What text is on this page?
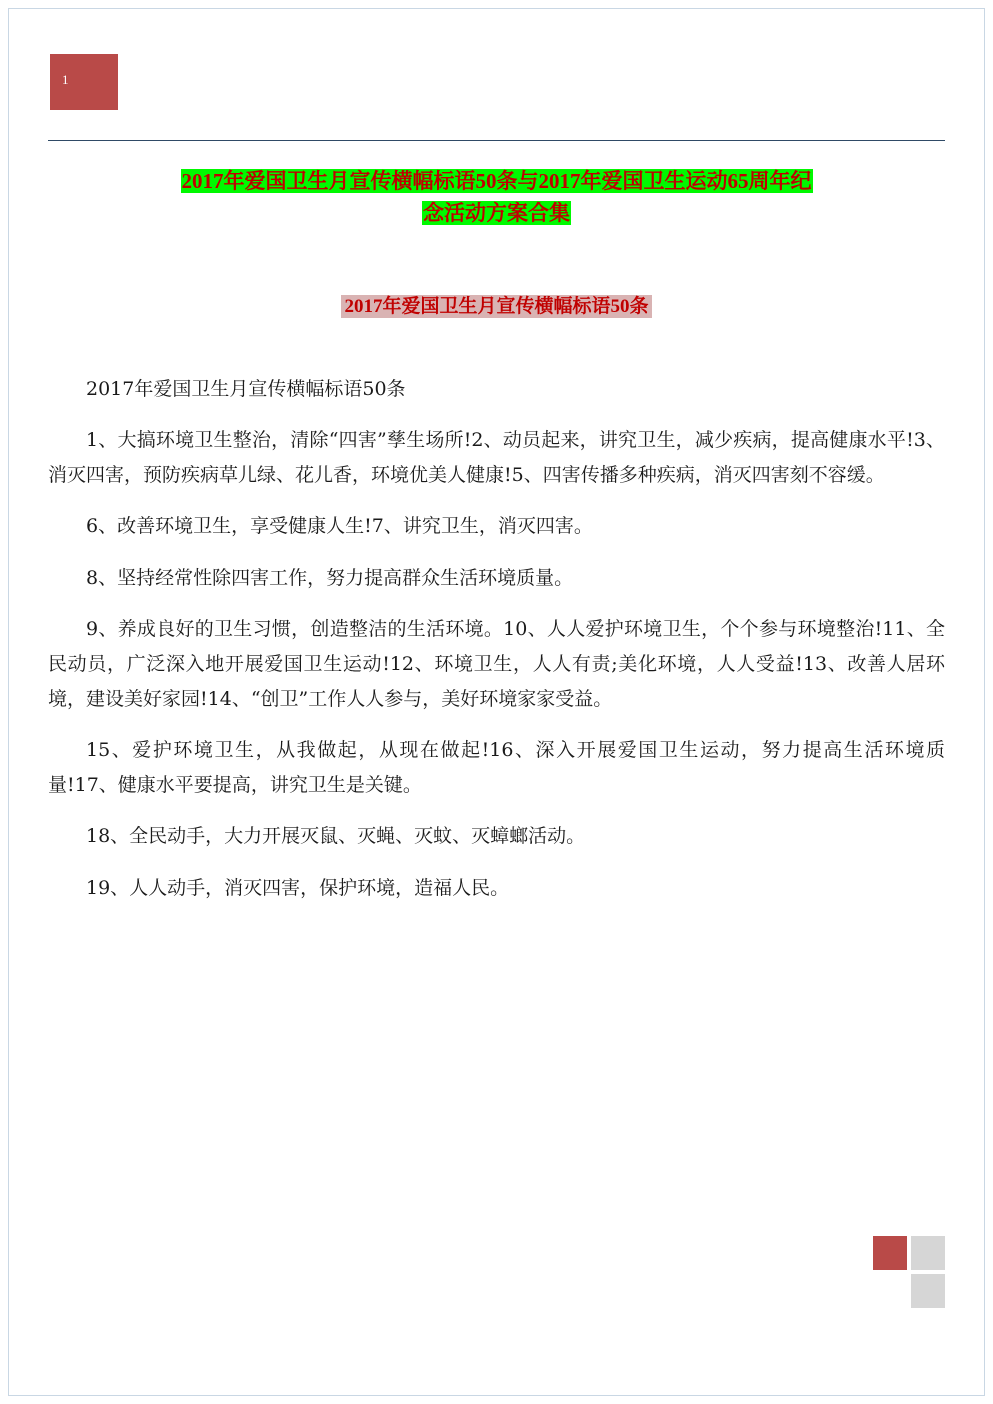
1
2017年爱国卫生月宣传横幅标语50条与2017年爱国卫生运动65周年纪
念活动方案合集
2017年爱国卫生月宣传横幅标语50条

2017年爱国卫生月宣传横幅标语50条

1、大搞环境卫生整治，清除“四害”孳生场所!2、动员起来，讲究卫生，减少疾病，提高健康水平!3、消灭四害，预防疾病草儿绿、花儿香，环境优美人健康!5、四害传播多种疾病，消灭四害刻不容缓。

6、改善环境卫生，享受健康人生!7、讲究卫生，消灭四害。

8、坚持经常性除四害工作，努力提高群众生活环境质量。

9、养成良好的卫生习惯，创造整洁的生活环境。10、人人爱护环境卫生，个个参与环境整治!11、全民动员，广泛深入地开展爱国卫生运动!12、环境卫生，人人有责;美化环境，人人受益!13、改善人居环境，建设美好家园!14、“创卫”工作人人参与，美好环境家家受益。

15、爱护环境卫生，从我做起，从现在做起!16、深入开展爱国卫生运动，努力提高生活环境质量!17、健康水平要提高，讲究卫生是关键。

18、全民动手，大力开展灭鼠、灭蝇、灭蚊、灭蟑螂活动。

19、人人动手，消灭四害，保护环境，造福人民。
